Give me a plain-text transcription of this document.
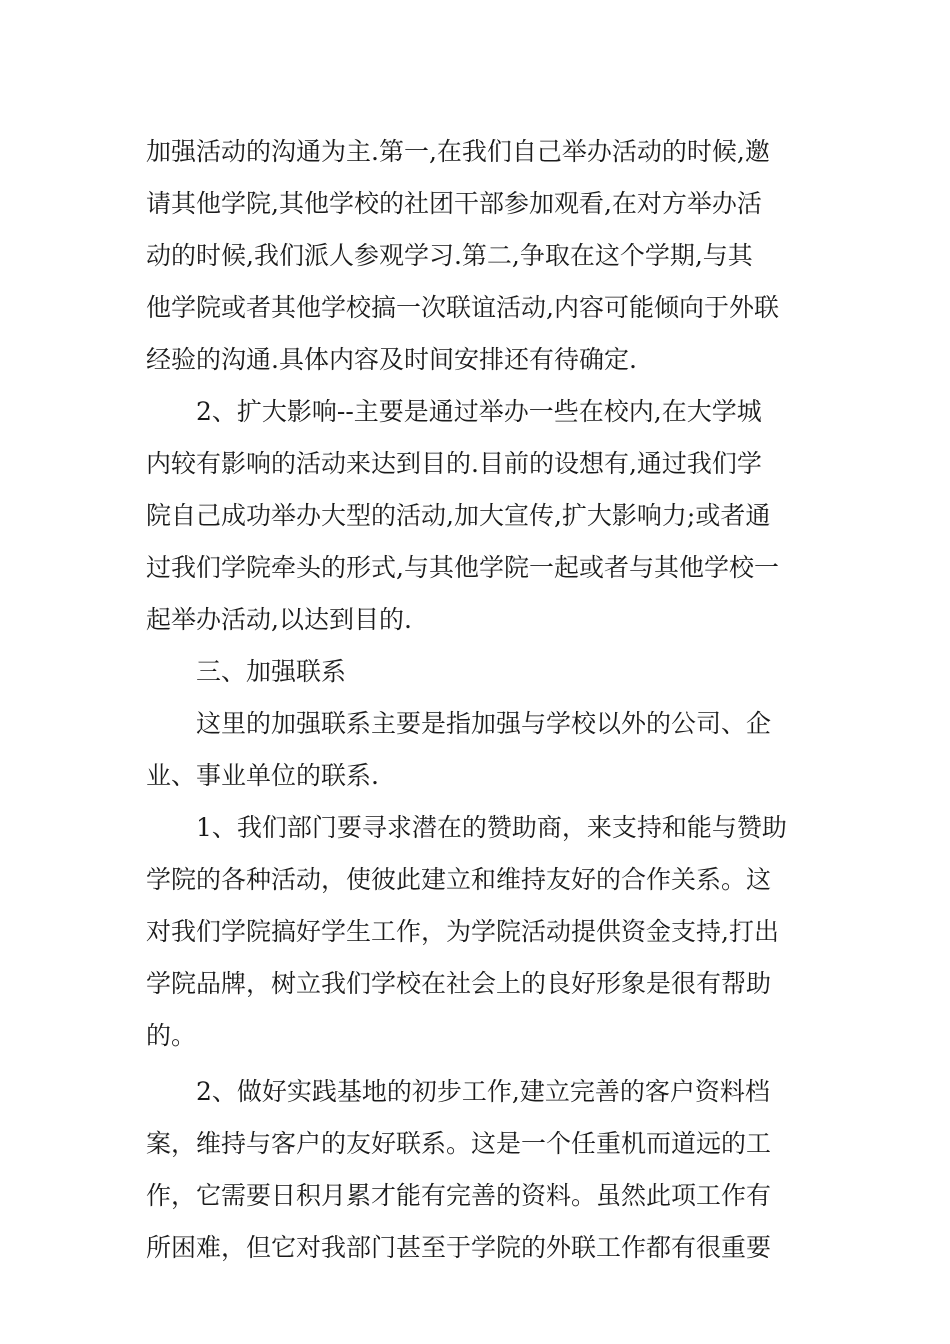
加强活动的沟通为主.第一,在我们自己举办活动的时候,邀
请其他学院,其他学校的社团干部参加观看,在对方举办活
动的时候,我们派人参观学习.第二,争取在这个学期,与其
他学院或者其他学校搞一次联谊活动,内容可能倾向于外联
经验的沟通.具体内容及时间安排还有待确定.
2、扩大影响--主要是通过举办一些在校内,在大学城
内较有影响的活动来达到目的.目前的设想有,通过我们学
院自己成功举办大型的活动,加大宣传,扩大影响力;或者通
过我们学院牵头的形式,与其他学院一起或者与其他学校一
起举办活动,以达到目的.
三、加强联系
这里的加强联系主要是指加强与学校以外的公司、企
业、事业单位的联系.
1、我们部门要寻求潜在的赞助商，来支持和能与赞助
学院的各种活动，使彼此建立和维持友好的合作关系。这
对我们学院搞好学生工作，为学院活动提供资金支持,打出
学院品牌，树立我们学校在社会上的良好形象是很有帮助
的。
2、做好实践基地的初步工作,建立完善的客户资料档
案，维持与客户的友好联系。这是一个任重机而道远的工
作，它需要日积月累才能有完善的资料。虽然此项工作有
所困难，但它对我部门甚至于学院的外联工作都有很重要
